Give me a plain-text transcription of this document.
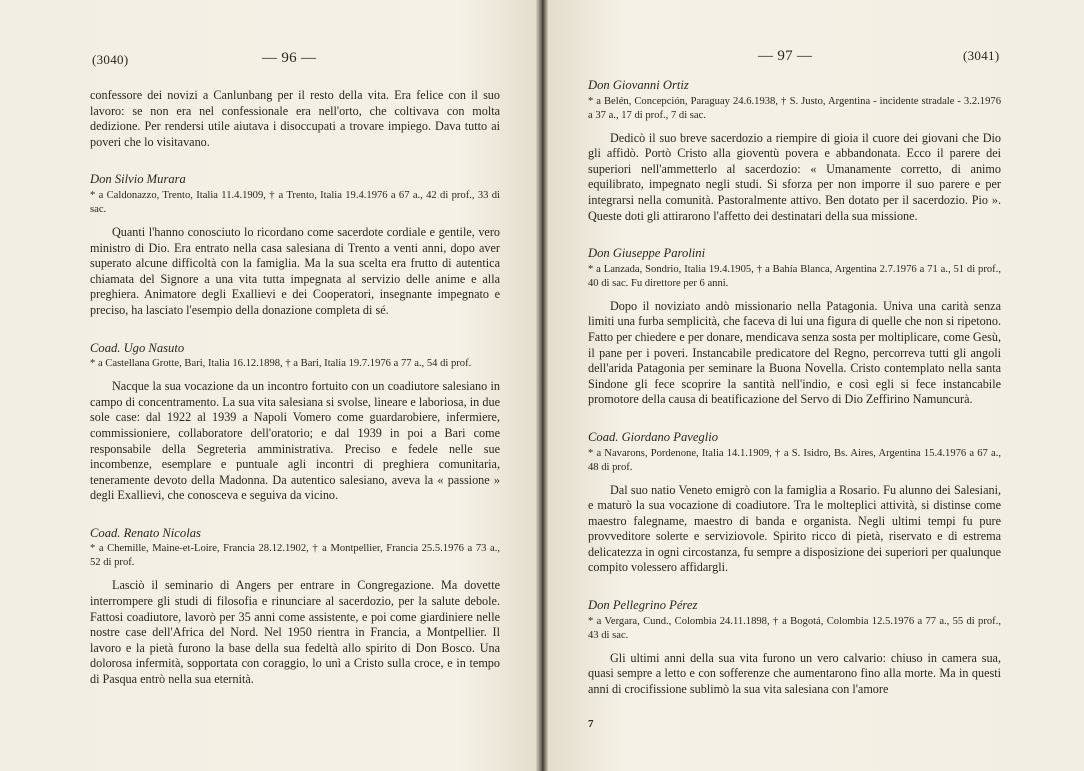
(3040)	— 96 —

confessore dei novizi a Canlunbang per il resto della vita. Era felice con il suo lavoro: se non era nel confessionale era nell'orto, che coltivava con molta dedizione. Per rendersi utile aiutava i disoccupati a trovare impiego. Dava tutto ai poveri che lo visitavano.

Don Silvio Murara
* a Caldonazzo, Trento, Italia 11.4.1909, † a Trento, Italia 19.4.1976 a 67 a., 42 di prof., 33 di sac.

Quanti l'hanno conosciuto lo ricordano come sacerdote cordiale e gentile, vero ministro di Dio. Era entrato nella casa salesiana di Trento a venti anni, dopo aver superato alcune difficoltà con la famiglia. Ma la sua scelta era frutto di autentica chiamata del Signore a una vita tutta impegnata al servizio delle anime e alla preghiera. Animatore degli Exallievi e dei Cooperatori, insegnante impegnato e preciso, ha lasciato l'esempio della donazione completa di sé.

Coad. Ugo Nasuto
* a Castellana Grotte, Bari, Italia 16.12.1898, † a Bari, Italia 19.7.1976 a 77 a., 54 di prof.

Nacque la sua vocazione da un incontro fortuito con un coadiutore salesiano in campo di concentramento. La sua vita salesiana si svolse, lineare e laboriosa, in due sole case: dal 1922 al 1939 a Napoli Vomero come guardarobiere, infermiere, commissioniere, collaboratore dell'oratorio; e dal 1939 in poi a Bari come responsabile della Segreteria amministrativa. Preciso e fedele nelle sue incombenze, esemplare e puntuale agli incontri di preghiera comunitaria, teneramente devoto della Madonna. Da autentico salesiano, aveva la « passione » degli Exallievi, che conosceva e seguiva da vicino.

Coad. Renato Nicolas
* a Chemille, Maine-et-Loire, Francia 28.12.1902, † a Montpellier, Francia 25.5.1976 a 73 a., 52 di prof.

Lasciò il seminario di Angers per entrare in Congregazione. Ma dovette interrompere gli studi di filosofia e rinunciare al sacerdozio, per la salute debole. Fattosi coadiutore, lavorò per 35 anni come assistente, e poi come giardiniere nelle nostre case dell'Africa del Nord. Nel 1950 rientra in Francia, a Montpellier. Il lavoro e la pietà furono la base della sua fedeltà allo spirito di Don Bosco. Una dolorosa infermità, sopportata con coraggio, lo unì a Cristo sulla croce, e in tempo di Pasqua entrò nella sua eternità.

— 97 —	(3041)
Don Giovanni Ortiz
* a Belén, Concepción, Paraguay 24.6.1938, † S. Justo, Argentina - incidente stradale - 3.2.1976 a 37 a., 17 di prof., 7 di sac.

Dedicò il suo breve sacerdozio a riempire di gioia il cuore dei giovani che Dio gli affidò. Portò Cristo alla gioventù povera e abbandonata. Ecco il parere dei superiori nell'ammetterlo al sacerdozio: « Umanamente corretto, di animo equilibrato, impegnato negli studi. Si sforza per non imporre il suo parere e per integrarsi nella comunità. Pastoralmente attivo. Ben dotato per il sacerdozio. Pio ». Queste doti gli attirarono l'affetto dei destinatari della sua missione.

Don Giuseppe Parolini
* a Lanzada, Sondrio, Italia 19.4.1905, † a Bahía Blanca, Argentina 2.7.1976 a 71 a., 51 di prof., 40 di sac. Fu direttore per 6 anni.

Dopo il noviziato andò missionario nella Patagonia. Univa una carità senza limiti una furba semplicità, che faceva di lui una figura di quelle che non si ripetono. Fatto per chiedere e per donare, mendicava senza sosta per moltiplicare, come Gesù, il pane per i poveri. Instancabile predicatore del Regno, percorreva tutti gli angoli dell'arida Patagonia per seminare la Buona Novella. Cristo contemplato nella santa Sindone gli fece scoprire la santità nell'indio, e così egli si fece instancabile promotore della causa di beatificazione del Servo di Dio Zeffirino Namuncurà.

Coad. Giordano Paveglio
* a Navarons, Pordenone, Italia 14.1.1909, † a S. Isidro, Bs. Aires, Argentina 15.4.1976 a 67 a., 48 di prof.

Dal suo natio Veneto emigrò con la famiglia a Rosario. Fu alunno dei Salesiani, e maturò la sua vocazione di coadiutore. Tra le molteplici attività, si distinse come maestro falegname, maestro di banda e organista. Negli ultimi tempi fu pure provveditore solerte e serviziovole. Spirito ricco di pietà, riservato e di estrema delicatezza in ogni circostanza, fu sempre a disposizione dei superiori per qualunque compito volessero affidargli.

Don Pellegrino Pérez
* a Vergara, Cund., Colombia 24.11.1898, † a Bogotá, Colombia 12.5.1976 a 77 a., 55 di prof., 43 di sac.

Gli ultimi anni della sua vita furono un vero calvario: chiuso in camera sua, quasi sempre a letto e con sofferenze che aumentarono fino alla morte. Ma in questi anni di crocifissione sublimò la sua vita salesiana con l'amore

7
